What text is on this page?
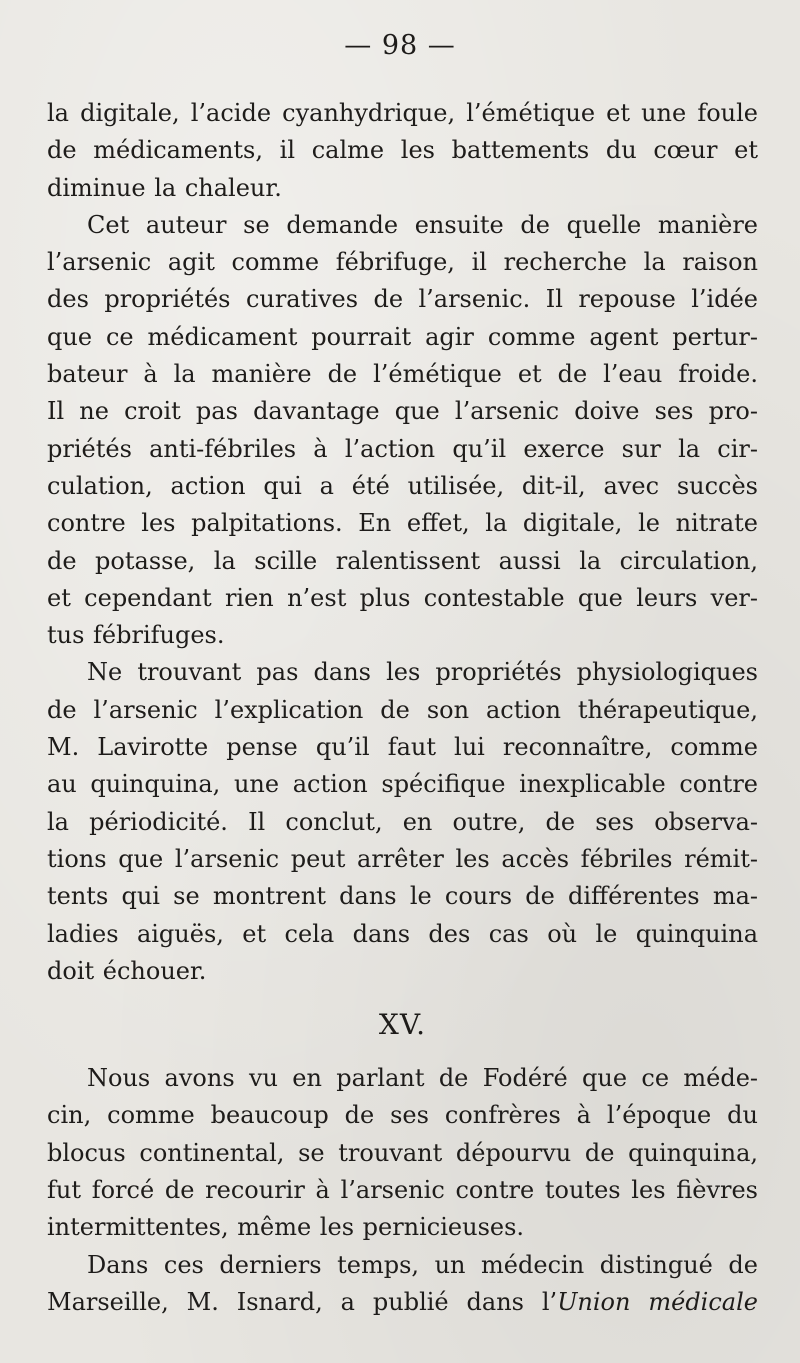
— 98 —
la digitale, l’acide cyanhydrique, l’émétique et une foule
de médicaments, il calme les battements du cœur et
diminue la chaleur.
Cet auteur se demande ensuite de quelle manière
l’arsenic agit comme fébrifuge, il recherche la raison
des propriétés curatives de l’arsenic. Il repouse l’idée
que ce médicament pourrait agir comme agent pertur-
bateur à la manière de l’émétique et de l’eau froide.
Il ne croit pas davantage que l’arsenic doive ses pro-
priétés anti-fébriles à l’action qu’il exerce sur la cir-
culation, action qui a été utilisée, dit-il, avec succès
contre les palpitations. En effet, la digitale, le nitrate
de potasse, la scille ralentissent aussi la circulation,
et cependant rien n’est plus contestable que leurs ver-
tus fébrifuges.
Ne trouvant pas dans les propriétés physiologiques
de l’arsenic l’explication de son action thérapeutique,
M. Lavirotte pense qu’il faut lui reconnaître, comme
au quinquina, une action spécifique inexplicable contre
la périodicité. Il conclut, en outre, de ses observa-
tions que l’arsenic peut arrêter les accès fébriles rémit-
tents qui se montrent dans le cours de différentes ma-
ladies aiguës, et cela dans des cas où le quinquina
doit échouer.
XV.
Nous avons vu en parlant de Fodéré que ce méde-
cin, comme beaucoup de ses confrères à l’époque du
blocus continental, se trouvant dépourvu de quinquina,
fut forcé de recourir à l’arsenic contre toutes les fièvres
intermittentes, même les pernicieuses.
Dans ces derniers temps, un médecin distingué de
Marseille, M. Isnard, a publié dans l’Union médicale
